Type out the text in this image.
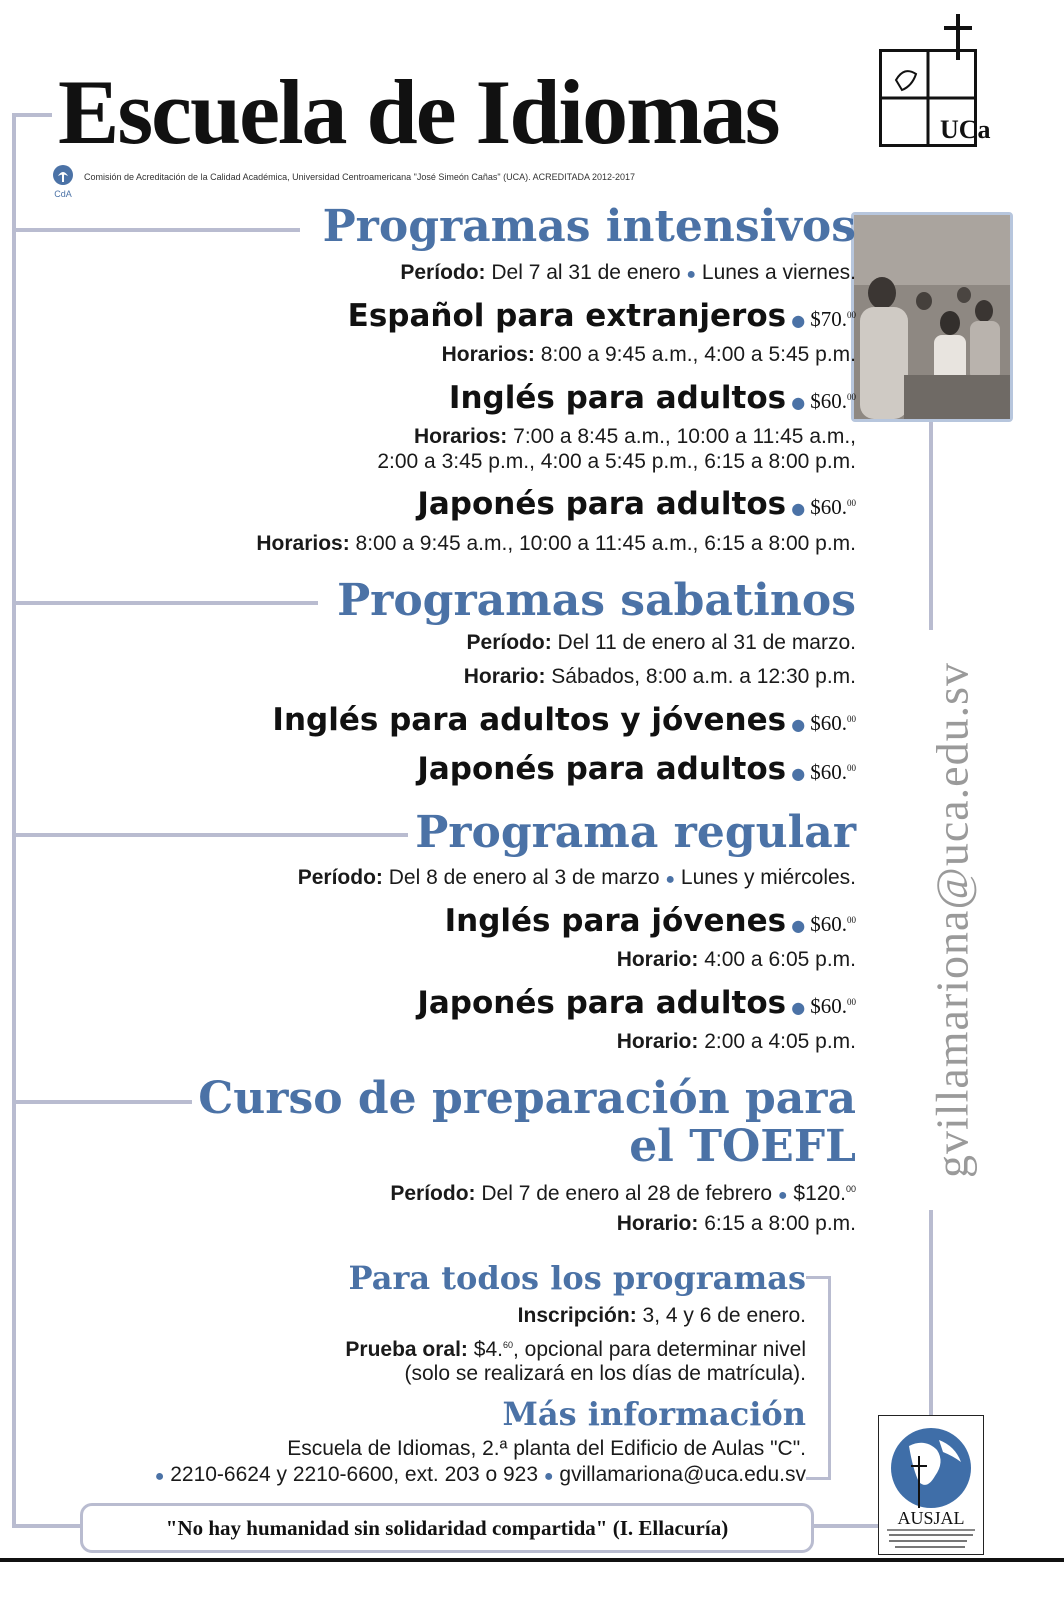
Escuela de Idiomas
CdA
Comisión de Acreditación de la Calidad Académica, Universidad Centroamericana "José Simeón Cañas" (UCA). ACREDITADA 2012-2017
UCa
gvillamariona@uca.edu.sv
Programas intensivos
Período: Del 7 al 31 de enero ● Lunes a viernes.
Español para extranjeros ● $70.00
Horarios: 8:00 a 9:45 a.m., 4:00 a 5:45 p.m.
Inglés para adultos ● $60.00
Horarios: 7:00 a 8:45 a.m., 10:00 a 11:45 a.m.,
2:00 a 3:45 p.m., 4:00 a 5:45 p.m., 6:15 a 8:00 p.m.
Japonés para adultos ● $60.00
Horarios: 8:00 a 9:45 a.m., 10:00 a 11:45 a.m., 6:15 a 8:00 p.m.
Programas sabatinos
Período: Del 11 de enero al 31 de marzo.
Horario: Sábados, 8:00 a.m. a 12:30 p.m.
Inglés para adultos y jóvenes ● $60.00
Japonés para adultos ● $60.00
Programa regular
Período: Del 8 de enero al 3 de marzo ● Lunes y miércoles.
Inglés para jóvenes ● $60.00
Horario: 4:00 a 6:05 p.m.
Japonés para adultos ● $60.00
Horario: 2:00 a 4:05 p.m.
Curso de preparación para
el TOEFL
Período: Del 7 de enero al 28 de febrero ● $120.00
Horario: 6:15 a 8:00 p.m.
Para todos los programas
Inscripción: 3, 4 y 6 de enero.
Prueba oral: $4.60, opcional para determinar nivel
(solo se realizará en los días de matrícula).
Más información
Escuela de Idiomas, 2.ª planta del Edificio de Aulas "C".
● 2210-6624 y 2210-6600, ext. 203 o 923 ● gvillamariona@uca.edu.sv
"No hay humanidad sin solidaridad compartida" (I. Ellacuría)	AUSJAL
